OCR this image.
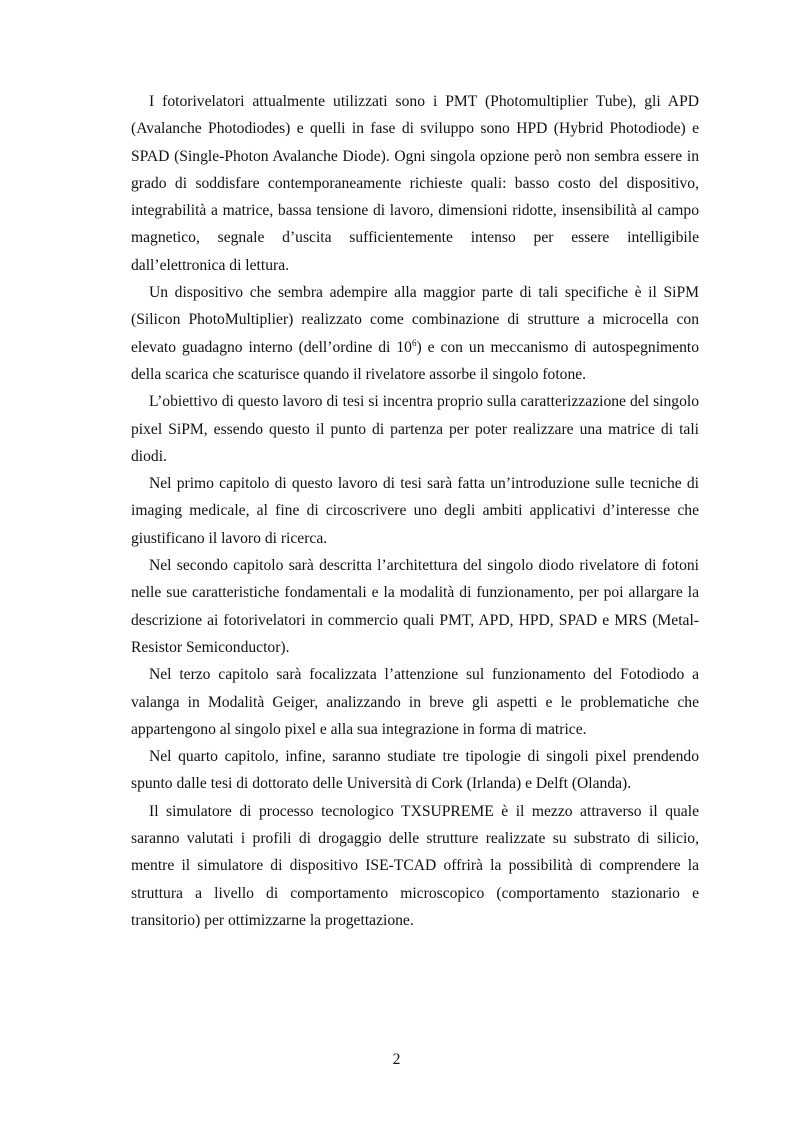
I fotorivelatori attualmente utilizzati sono i PMT (Photomultiplier Tube), gli APD (Avalanche Photodiodes) e quelli in fase di sviluppo sono HPD (Hybrid Photodiode) e SPAD (Single-Photon Avalanche Diode). Ogni singola opzione però non sembra essere in grado di soddisfare contemporaneamente richieste quali: basso costo del dispositivo, integrabilità a matrice, bassa tensione di lavoro, dimensioni ridotte, insensibilità al campo magnetico, segnale d’uscita sufficientemente intenso per essere intelligibile dall’elettronica di lettura.

Un dispositivo che sembra adempire alla maggior parte di tali specifiche è il SiPM (Silicon PhotoMultiplier) realizzato come combinazione di strutture a microcella con elevato guadagno interno (dell’ordine di $10^6$) e con un meccanismo di autospegnimento della scarica che scaturisce quando il rivelatore assorbe il singolo fotone.

L’obiettivo di questo lavoro di tesi si incentra proprio sulla caratterizzazione del singolo pixel SiPM, essendo questo il punto di partenza per poter realizzare una matrice di tali diodi.

Nel primo capitolo di questo lavoro di tesi sarà fatta un’introduzione sulle tecniche di imaging medicale, al fine di circoscrivere uno degli ambiti applicativi d’interesse che giustificano il lavoro di ricerca.

Nel secondo capitolo sarà descritta l’architettura del singolo diodo rivelatore di fotoni nelle sue caratteristiche fondamentali e la modalità di funzionamento, per poi allargare la descrizione ai fotorivelatori in commercio quali PMT, APD, HPD, SPAD e MRS (Metal-Resistor Semiconductor).

Nel terzo capitolo sarà focalizzata l’attenzione sul funzionamento del Fotodiodo a valanga in Modalità Geiger, analizzando in breve gli aspetti e le problematiche che appartengono al singolo pixel e alla sua integrazione in forma di matrice.

Nel quarto capitolo, infine, saranno studiate tre tipologie di singoli pixel prendendo spunto dalle tesi di dottorato delle Università di Cork (Irlanda) e Delft (Olanda).

Il simulatore di processo tecnologico TXSUPREME è il mezzo attraverso il quale saranno valutati i profili di drogaggio delle strutture realizzate su substrato di silicio, mentre il simulatore di dispositivo ISE-TCAD offrirà la possibilità di comprendere la struttura a livello di comportamento microscopico (comportamento stazionario e transitorio) per ottimizzarne la progettazione.

2
